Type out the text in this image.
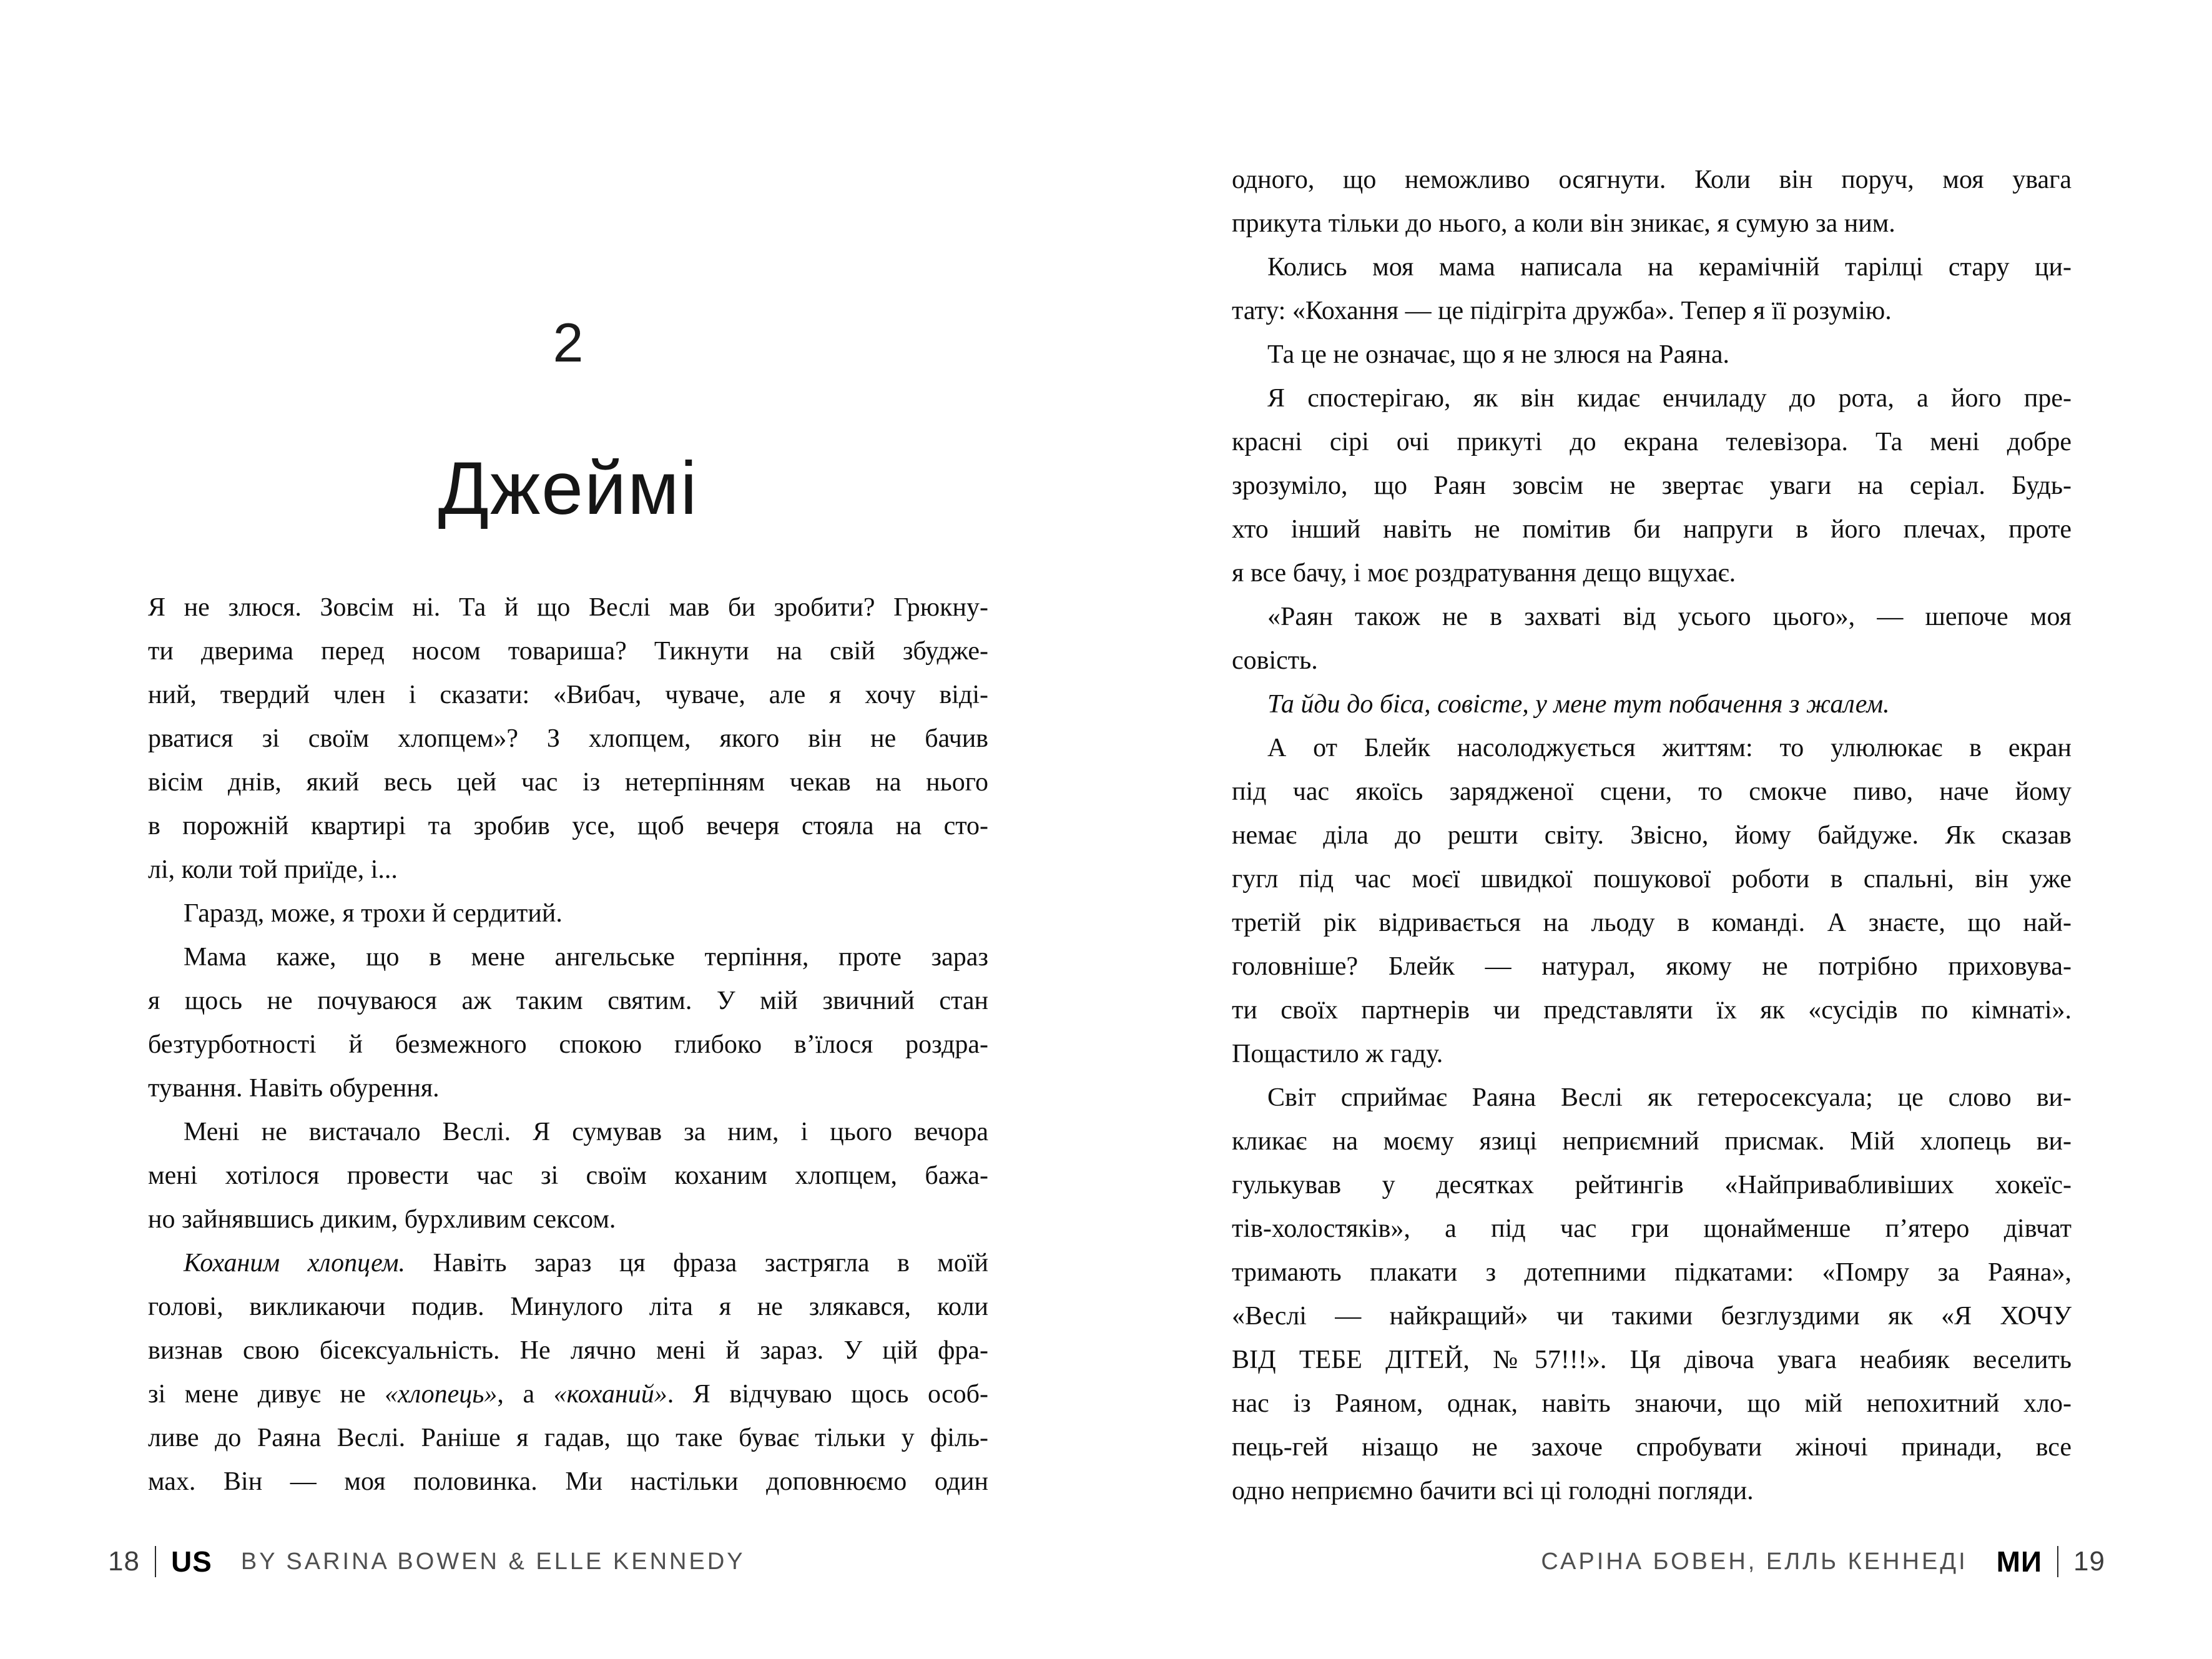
2
Джеймі
Я не злюся. Зовсім ні. Та й що Веслі мав би зробити? Грюкну-
ти дверима перед носом товариша? Тикнути на свій збудже-
ний, твердий член і сказати: «Вибач, чуваче, але я хочу віді-
рватися зі своїм хлопцем»? З хлопцем, якого він не бачив
вісім днів, який весь цей час із нетерпінням чекав на нього
в порожній квартирі та зробив усе, щоб вечеря стояла на сто-
лі, коли той приїде, і...
Гаразд, може, я трохи й сердитий.
Мама каже, що в мене ангельське терпіння, проте зараз
я щось не почуваюся аж таким святим. У мій звичний стан
безтурботності й безмежного спокою глибоко в’їлося роздра-
тування. Навіть обурення.
Мені не вистачало Веслі. Я сумував за ним, і цього вечора
мені хотілося провести час зі своїм коханим хлопцем, бажа-
но зайнявшись диким, бурхливим сексом.
Коханим хлопцем. Навіть зараз ця фраза застрягла в моїй
голові, викликаючи подив. Минулого літа я не злякався, коли
визнав свою бісексуальність. Не лячно мені й зараз. У цій фра-
зі мене дивує не «хлопець», а «коханий». Я відчуваю щось особ-
ливе до Раяна Веслі. Раніше я гадав, що таке буває тільки у філь-
мах. Він — моя половинка. Ми настільки доповнюємо один
одного, що неможливо осягнути. Коли він поруч, моя увага
прикута тільки до нього, а коли він зникає, я сумую за ним.
Колись моя мама написала на керамічній тарілці стару ци-
тату: «Кохання — це підігріта дружба». Тепер я її розумію.
Та це не означає, що я не злюся на Раяна.
Я спостерігаю, як він кидає енчиладу до рота, а його пре-
красні сірі очі прикуті до екрана телевізора. Та мені добре
зрозуміло, що Раян зовсім не звертає уваги на серіал. Будь-
хто інший навіть не помітив би напруги в його плечах, проте
я все бачу, і моє роздратування дещо вщухає.
«Раян також не в захваті від усього цього», — шепоче моя
совість.
Та йди до біса, совісте, у мене тут побачення з жалем.
А от Блейк насолоджується життям: то улюлюкає в екран
під час якоїсь зарядженої сцени, то смокче пиво, наче йому
немає діла до решти світу. Звісно, йому байдуже. Як сказав
гугл під час моєї швидкої пошукової роботи в спальні, він уже
третій рік відривається на льоду в команді. А знаєте, що най-
головніше? Блейк — натурал, якому не потрібно приховува-
ти своїх партнерів чи представляти їх як «сусідів по кімнаті».
Пощастило ж гаду.
Світ сприймає Раяна Веслі як гетеросексуала; це слово ви-
кликає на моєму язиці неприємний присмак. Мій хлопець ви-
гулькував у десятках рейтингів «Найпривабливіших хокеїс-
тів-холостяків», а під час гри щонайменше п’ятеро дівчат
тримають плакати з дотепними підкатами: «Помру за Раяна»,
«Веслі — найкращий» чи такими безглуздими як «Я ХОЧУ
ВІД ТЕБЕ ДІТЕЙ, №57!!!». Ця дівоча увага неабияк веселить
нас із Раяном, однак, навіть знаючи, що мій непохитний хло-
пець-гей нізащо не захоче спробувати жіночі принади, все
одно неприємно бачити всі ці голодні погляди.
18 US BY SARINA BOWEN & ELLE KENNEDY	САРІНА БОВЕН, ЕЛЛЬ КЕННЕДІ МИ 19
